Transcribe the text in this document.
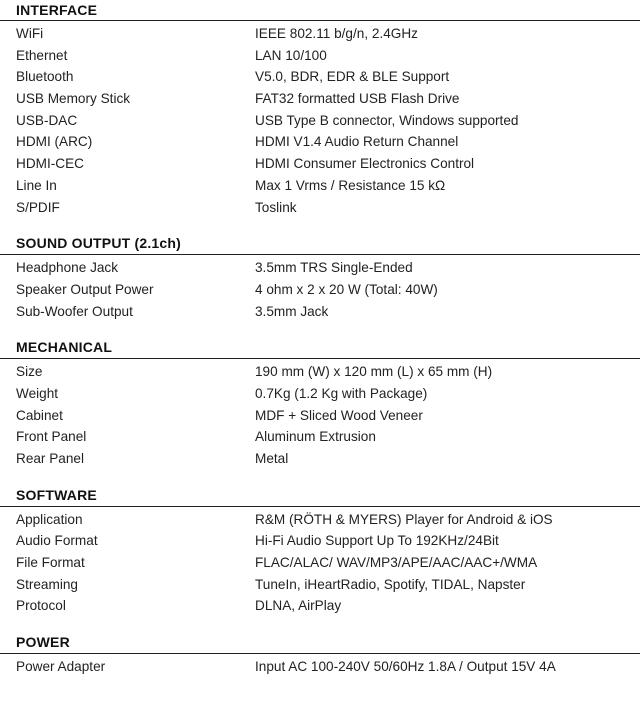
INTERFACE
WiFi	IEEE 802.11 b/g/n, 2.4GHz
Ethernet	LAN 10/100
Bluetooth	V5.0, BDR, EDR & BLE Support
USB Memory Stick	FAT32 formatted USB Flash Drive
USB-DAC	USB Type B connector, Windows supported
HDMI (ARC)	HDMI V1.4 Audio Return Channel
HDMI-CEC	HDMI Consumer Electronics Control
Line In	Max 1 Vrms / Resistance 15 kΩ
S/PDIF	Toslink
SOUND OUTPUT (2.1ch)
Headphone Jack	3.5mm TRS Single-Ended
Speaker Output Power	4 ohm x 2 x 20 W (Total: 40W)
Sub-Woofer Output	3.5mm Jack
MECHANICAL
Size	190 mm (W) x 120 mm (L) x 65 mm (H)
Weight	0.7Kg (1.2 Kg with Package)
Cabinet	MDF + Sliced Wood Veneer
Front Panel	Aluminum Extrusion
Rear Panel	Metal
SOFTWARE
Application	R&M (RÖTH & MYERS) Player for Android & iOS
Audio Format	Hi-Fi Audio Support Up To 192KHz/24Bit
File Format	FLAC/ALAC/ WAV/MP3/APE/AAC/AAC+/WMA
Streaming	TuneIn, iHeartRadio, Spotify, TIDAL, Napster
Protocol	DLNA, AirPlay
POWER
Power Adapter	Input AC 100-240V 50/60Hz 1.8A / Output 15V 4A
